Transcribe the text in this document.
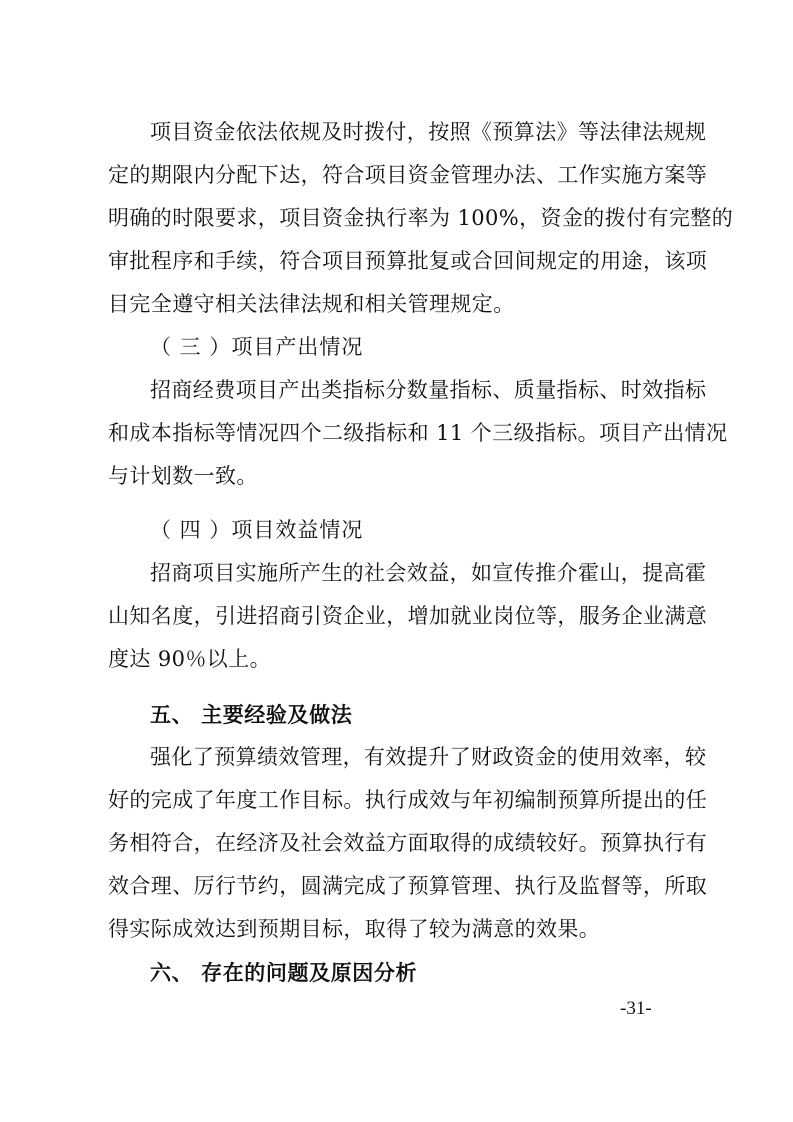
项目资金依法依规及时拨付，按照《预算法》等法律法规规
定的期限内分配下达，符合项目资金管理办法、工作实施方案等
明确的时限要求，项目资金执行率为 100%，资金的拨付有完整的
审批程序和手续，符合项目预算批复或合回间规定的用途，该项
目完全遵守相关法律法规和相关管理规定。
（ 三 ）项目产出情况
招商经费项目产出类指标分数量指标、质量指标、时效指标
和成本指标等情况四个二级指标和 11 个三级指标。项目产出情况
与计划数一致。
（ 四 ）项目效益情况
招商项目实施所产生的社会效益，如宣传推介霍山，提高霍
山知名度，引进招商引资企业，增加就业岗位等，服务企业满意
度达 90％以上。
五、 主要经验及做法
强化了预算绩效管理，有效提升了财政资金的使用效率，较
好的完成了年度工作目标。执行成效与年初编制预算所提出的任
务相符合，在经济及社会效益方面取得的成绩较好。预算执行有
效合理、厉行节约，圆满完成了预算管理、执行及监督等，所取
得实际成效达到预期目标，取得了较为满意的效果。
六、 存在的问题及原因分析
-31-
